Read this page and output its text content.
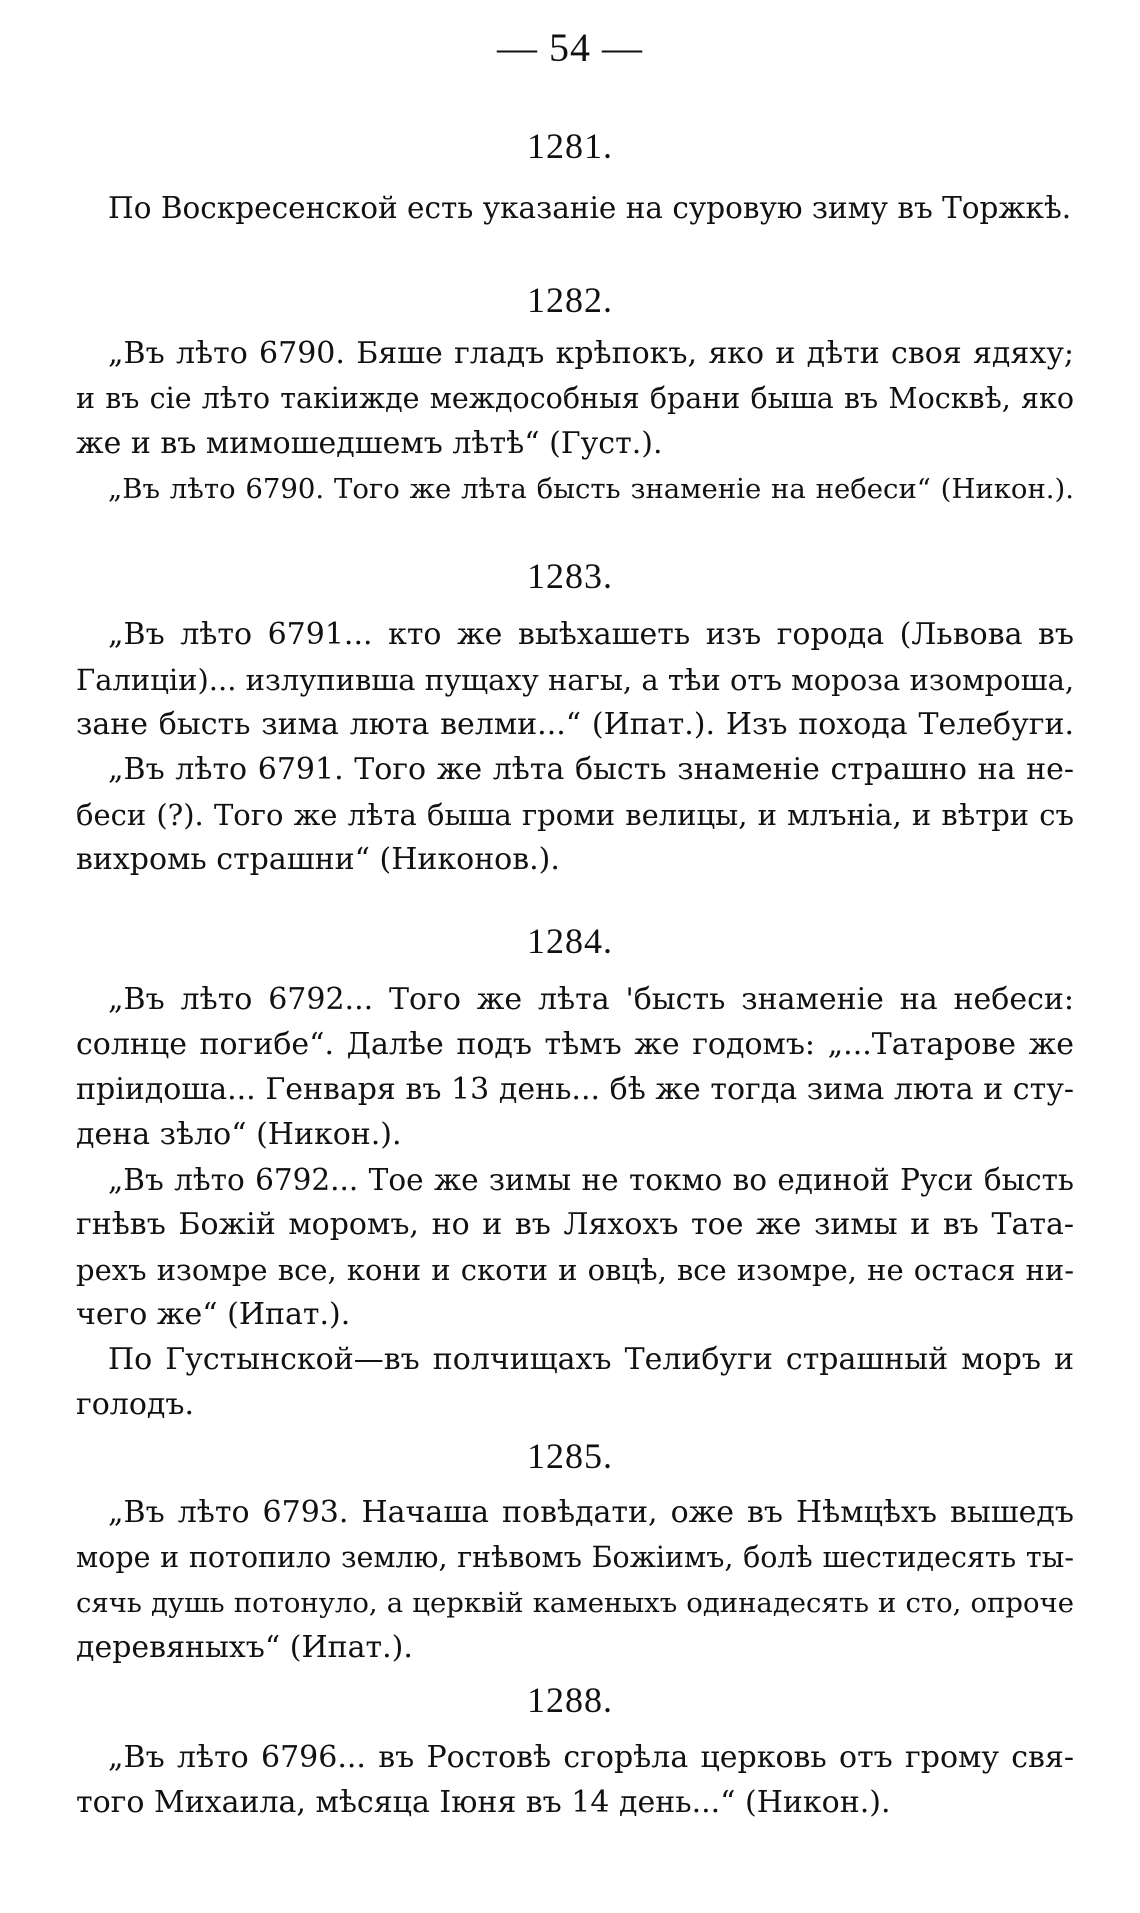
— 54 —
1281.
По Воскресенской есть указаніе на суровую зиму въ Торжкѣ.
1282.
„Въ лѣто 6790. Бяше гладъ крѣпокъ, яко и дѣти своя ядяху;
и въ сіе лѣто такіижде междособныя брани быша въ Москвѣ, яко
же и въ мимошедшемъ лѣтѣ“ (Густ.).
„Въ лѣто 6790. Того же лѣта бысть знаменіе на небеси“ (Никон.).
1283.
„Въ лѣто 6791... кто же выѣхашеть изъ города (Львова въ
Галиціи)... излупивша пущаху нагы, а тѣи отъ мороза изомроша,
зане бысть зима люта велми...“ (Ипат.). Изъ похода Телебуги.
„Въ лѣто 6791. Того же лѣта бысть знаменіе страшно на не-
беси (?). Того же лѣта быша громи велицы, и млъніа, и вѣтри съ
вихромь страшни“ (Никонов.).
1284.
„Въ лѣто 6792... Того же лѣта 'бысть знаменіе на небеси:
солнце погибе“. Далѣе подъ тѣмъ же годомъ: „...Татарове же
прiидоша... Генваря въ 13 день... бѣ же тогда зима люта и сту-
дена зѣло“ (Никон.).
„Въ лѣто 6792... Тое же зимы не токмо во единой Руси бысть
гнѣвъ Божій моромъ, но и въ Ляхохъ тое же зимы и въ Тата-
рехъ изомре все, кони и скоти и овцѣ, все изомре, не остася ни-
чего же“ (Ипат.).
По Густынской—въ полчищахъ Телибуги страшный моръ и
голодъ.
1285.
„Въ лѣто 6793. Начаша повѣдати, оже въ Нѣмцѣхъ вышедъ
море и потопило землю, гнѣвомъ Божіимъ, болѣ шестидесять ты-
сячь душь потонуло, а церквій каменыхъ одинадесять и сто, опроче
деревяныхъ“ (Ипат.).
1288.
„Въ лѣто 6796... въ Ростовѣ сгорѣла церковь отъ грому свя-
того Михаила, мѣсяца Іюня въ 14 день...“ (Никон.).
